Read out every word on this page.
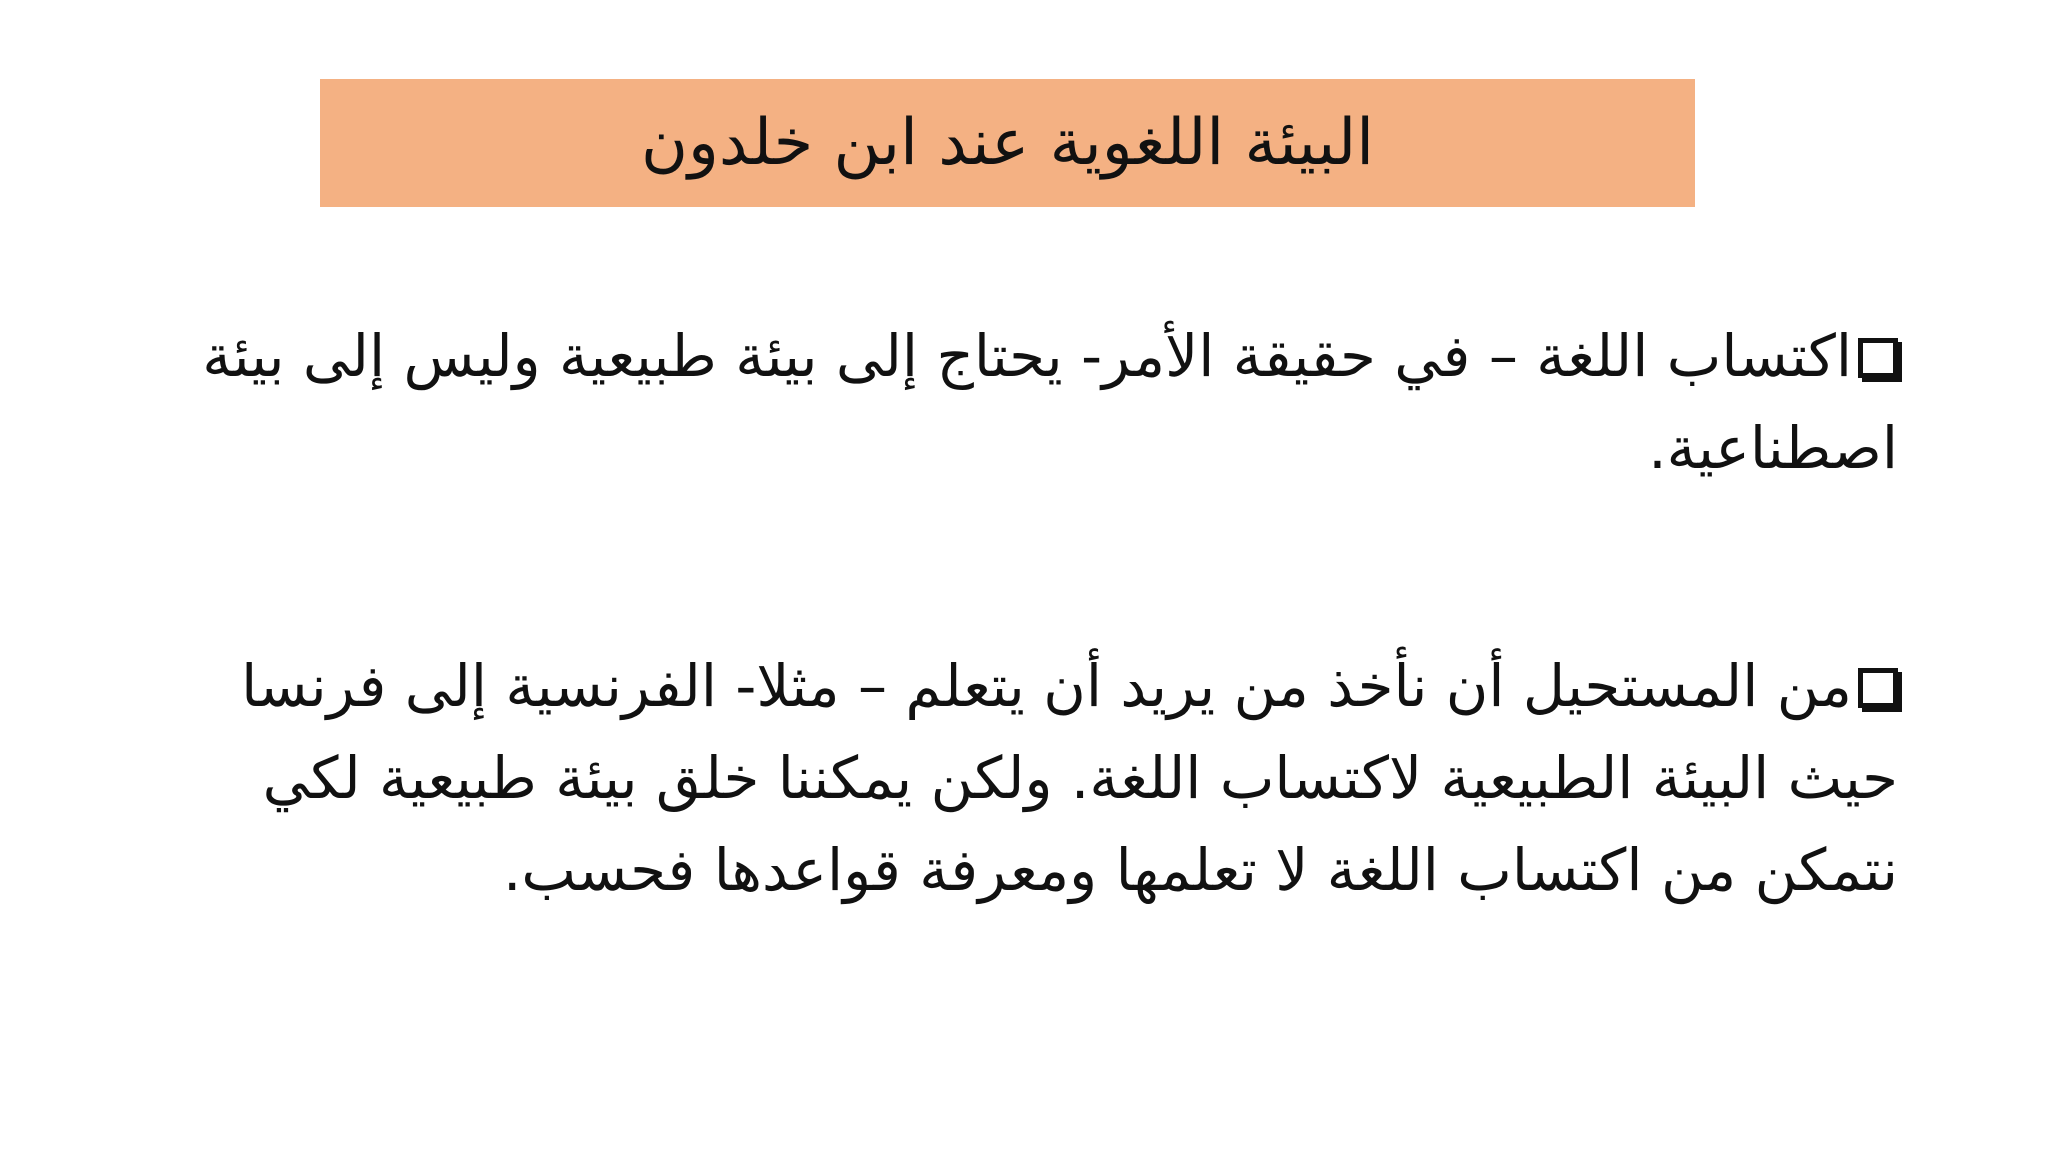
البيئة اللغوية عند ابن خلدون
اكتساب اللغة – في حقيقة الأمر- يحتاج إلى بيئة طبيعية وليس إلى بيئة اصطناعية.
من المستحيل أن نأخذ من يريد أن يتعلم – مثلا- الفرنسية إلى فرنسا حيث البيئة الطبيعية لاكتساب اللغة. ولكن يمكننا خلق بيئة طبيعية لكي نتمكن من اكتساب اللغة لا تعلمها ومعرفة قواعدها فحسب.
